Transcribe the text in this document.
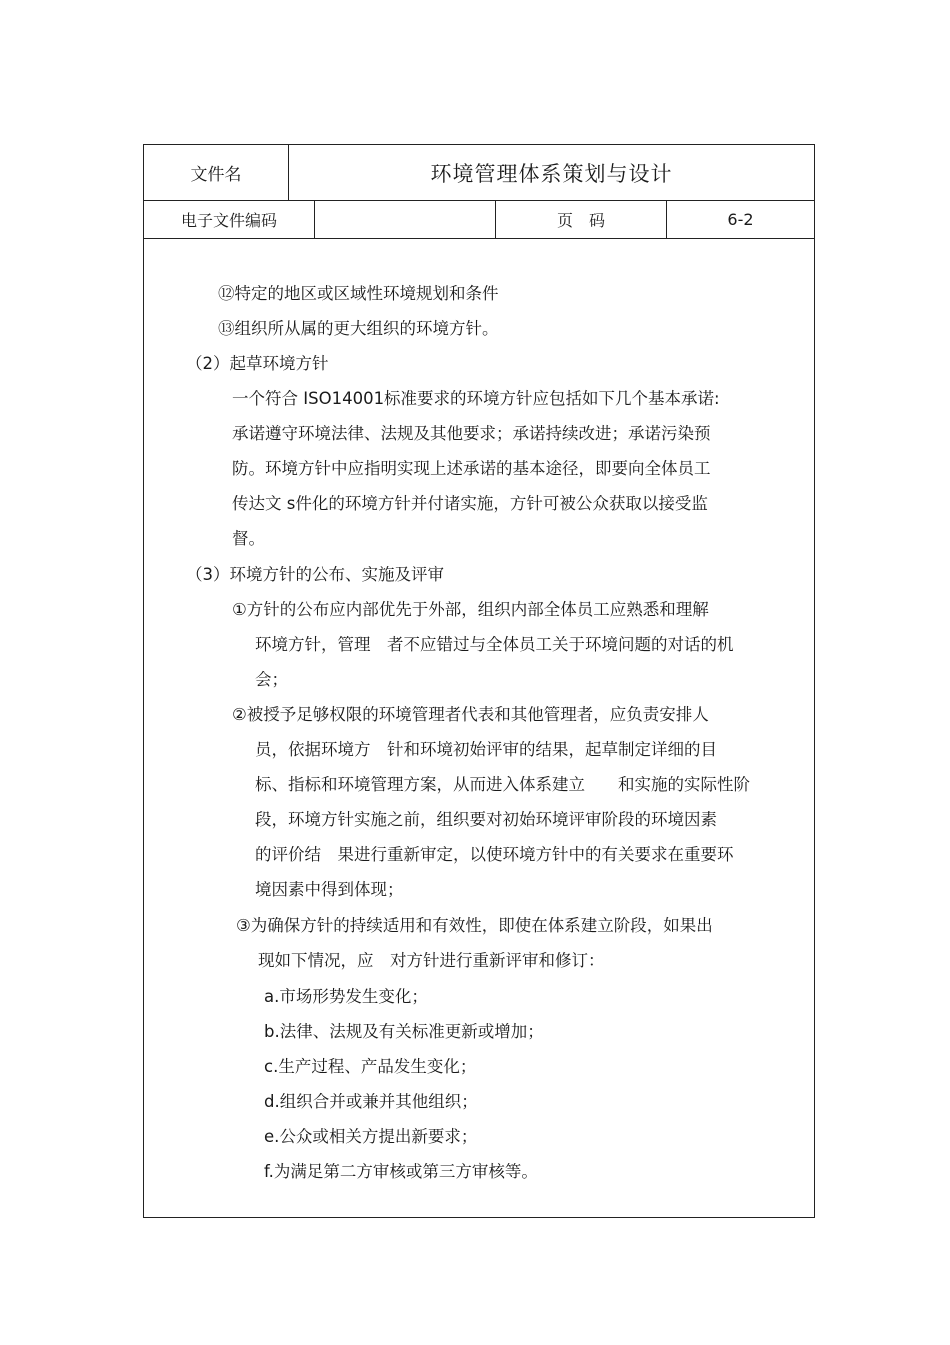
文件名	环境管理体系策划与设计
电子文件编码	页　码	6-2
⑫特定的地区或区域性环境规划和条件
⑬组织所从属的更大组织的环境方针。
（2）起草环境方针
一个符合 ISO14001标准要求的环境方针应包括如下几个基本承诺:
承诺遵守环境法律、法规及其他要求；承诺持续改进；承诺污染预
防。环境方针中应指明实现上述承诺的基本途径，即要向全体员工
传达文 s件化的环境方针并付诸实施，方针可被公众获取以接受监
督。
（3）环境方针的公布、实施及评审
①方针的公布应内部优先于外部，组织内部全体员工应熟悉和理解
环境方针，管理　者不应错过与全体员工关于环境问题的对话的机
会；
②被授予足够权限的环境管理者代表和其他管理者，应负责安排人
员，依据环境方　针和环境初始评审的结果，起草制定详细的目
标、指标和环境管理方案，从而进入体系建立　　和实施的实际性阶
段，环境方针实施之前，组织要对初始环境评审阶段的环境因素
的评价结　果进行重新审定，以使环境方针中的有关要求在重要环
境因素中得到体现；
③为确保方针的持续适用和有效性，即使在体系建立阶段，如果出
现如下情况，应　对方针进行重新评审和修订：
a.市场形势发生变化；
b.法律、法规及有关标准更新或增加；
c.生产过程、产品发生变化；
d.组织合并或兼并其他组织；
e.公众或相关方提出新要求；
f.为满足第二方审核或第三方审核等。
